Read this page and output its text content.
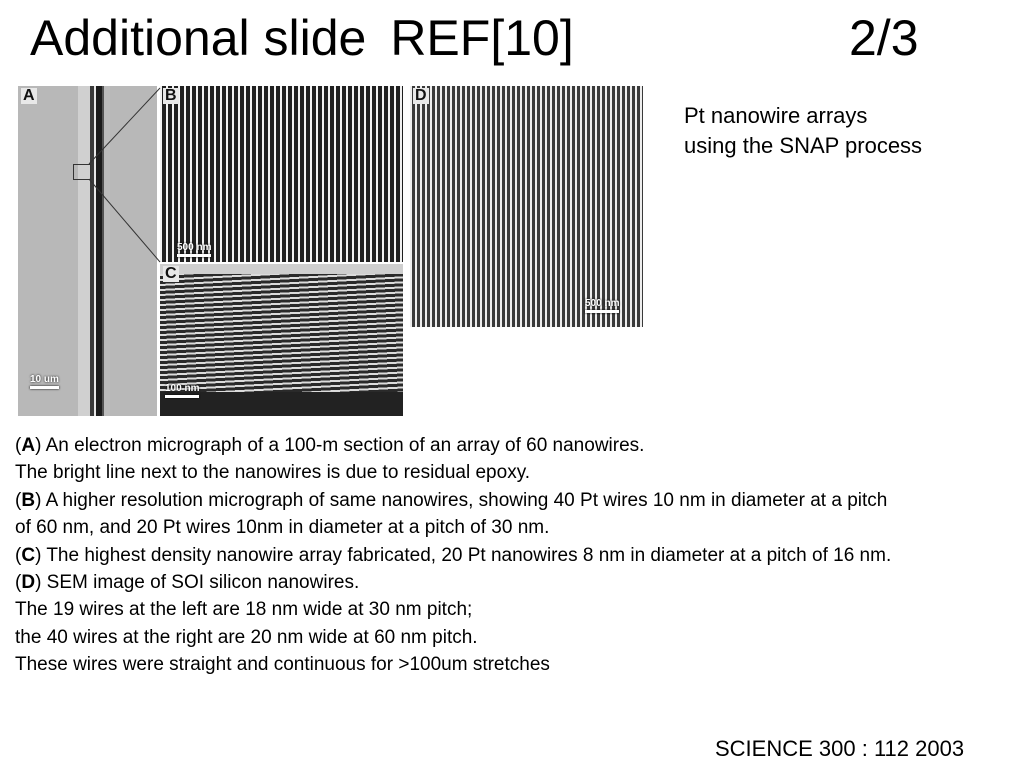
Additional slide REF[10]	2/3
Pt nanowire arrays
using the SNAP process
A
10 um
B
500 nm
C
100 nm
D
500 nm

(A) An electron micrograph of a 100-m section of an array of 60 nanowires.

The bright line next to the nanowires is due to residual epoxy.

(B) A higher resolution micrograph of same nanowires, showing 40 Pt wires 10 nm in diameter at a pitch of 60 nm, and 20 Pt wires 10nm in diameter at a pitch of 30 nm.

(C) The highest density nanowire array fabricated, 20 Pt nanowires 8 nm in diameter at a pitch of 16 nm.

(D) SEM image of SOI silicon nanowires.

The 19 wires at the left are 18 nm wide at 30 nm pitch;

the 40 wires at the right are 20 nm wide at 60 nm pitch.

These wires were straight and continuous for >100um stretches

SCIENCE 300 : 112 2003
